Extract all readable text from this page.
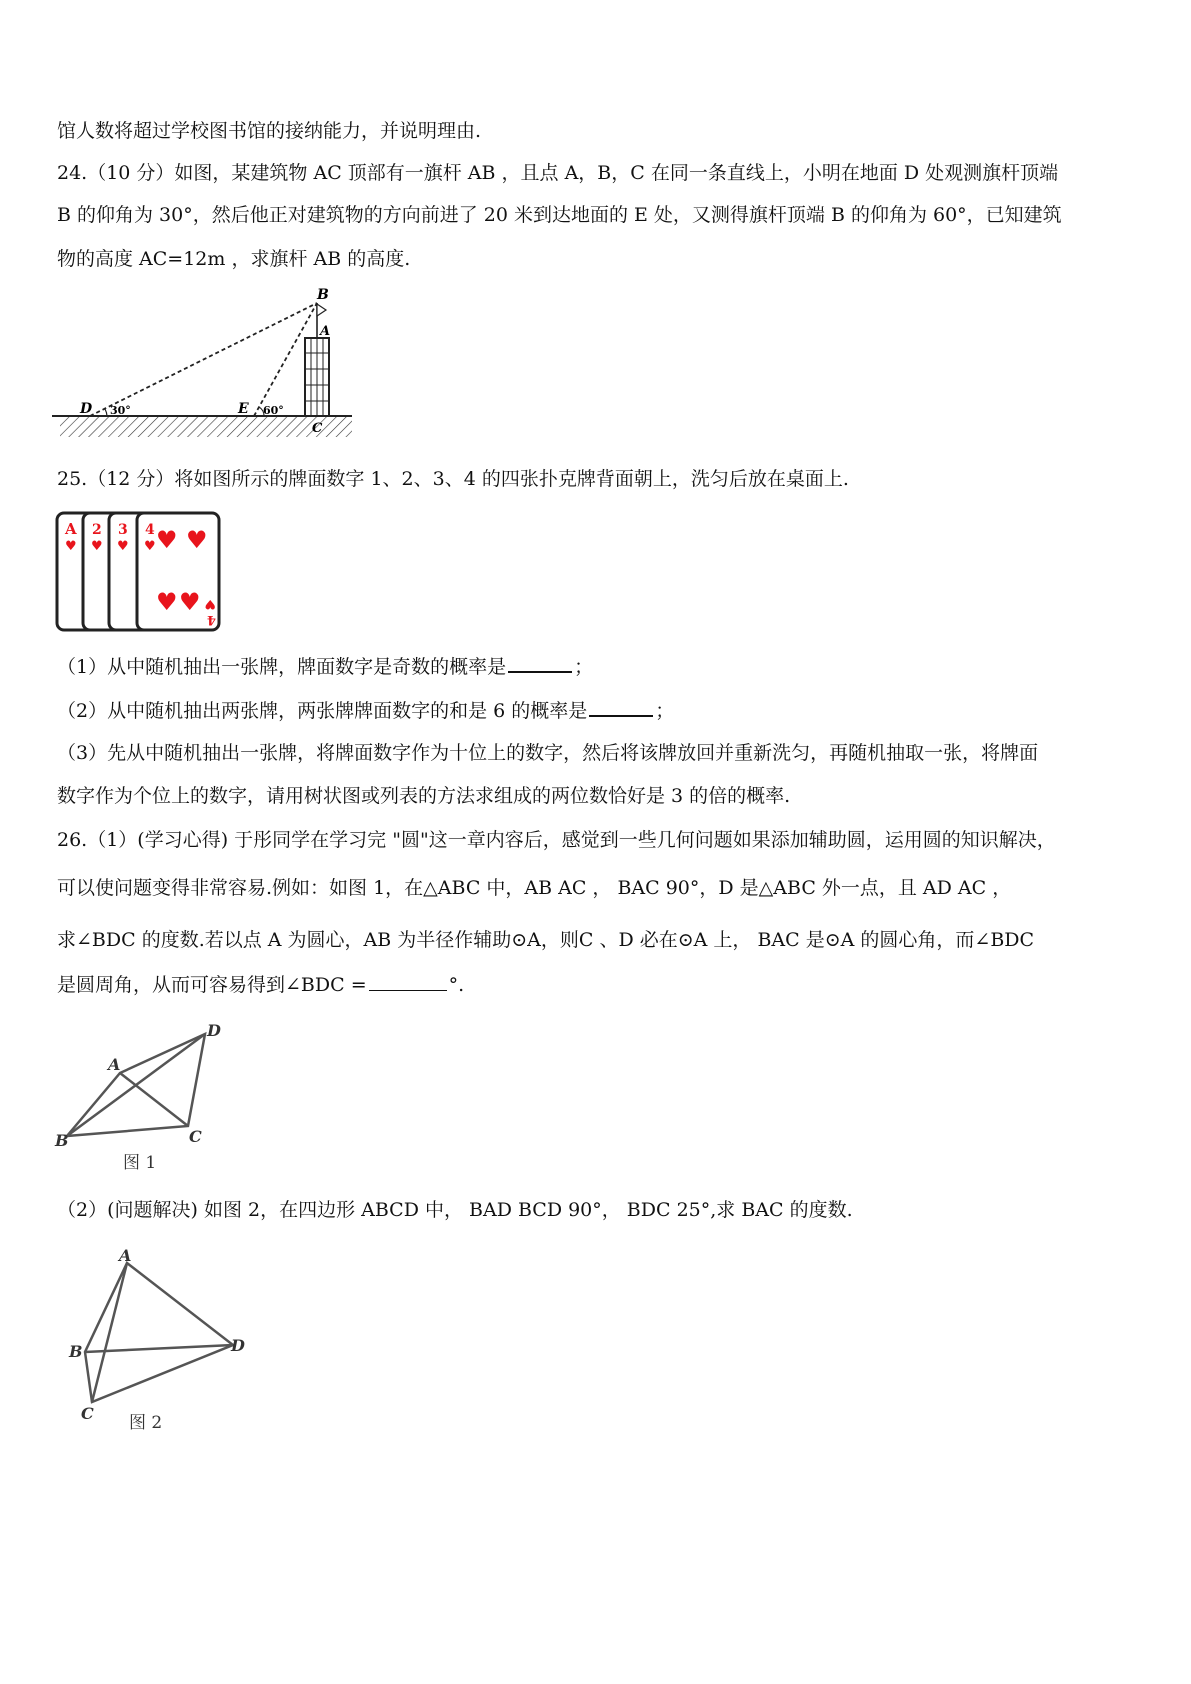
馆人数将超过学校图书馆的接纳能力，并说明理由.
24.（10 分）如图，某建筑物 AC 顶部有一旗杆 AB ，且点 A，B，C 在同一条直线上，小明在地面 D 处观测旗杆顶端
B 的仰角为 30°，然后他正对建筑物的方向前进了 20 米到达地面的 E 处，又测得旗杆顶端 B 的仰角为 60°，已知建筑
物的高度 AC=12m ，求旗杆 AB 的高度.
B
A
D	E
C
30°	60°
25.（12 分）将如图所示的牌面数字 1、2、3、4 的四张扑克牌背面朝上，洗匀后放在桌面上.
A
♥
2
♥
3
♥
4
♥ ♥ ♥
♥ ♥ ♥
4
（1）从中随机抽出一张牌，牌面数字是奇数的概率是	；
（2）从中随机抽出两张牌，两张牌牌面数字的和是 6 的概率是	；
（3）先从中随机抽出一张牌，将牌面数字作为十位上的数字，然后将该牌放回并重新洗匀，再随机抽取一张，将牌面
数字作为个位上的数字，请用树状图或列表的方法求组成的两位数恰好是 3 的倍的概率.
26.（1）(学习心得) 于彤同学在学习完 "圆"这一章内容后，感觉到一些几何问题如果添加辅助圆，运用圆的知识解决，
可以使问题变得非常容易.例如：如图 1，在△ABC 中，AB AC ， BAC 90°，D 是△ABC 外一点，且 AD AC ，
求∠BDC 的度数.若以点 A 为圆心，AB 为半径作辅助⊙A，则C 、D 必在⊙A 上， BAC 是⊙A 的圆心角，而∠BDC
是圆周角，从而可容易得到∠BDC =	°.
A
B	C
D
图 1
（2）(问题解决) 如图 2，在四边形 ABCD 中， BAD BCD 90°， BDC 25°,求 BAC 的度数.
A
B
C
D
图 2
